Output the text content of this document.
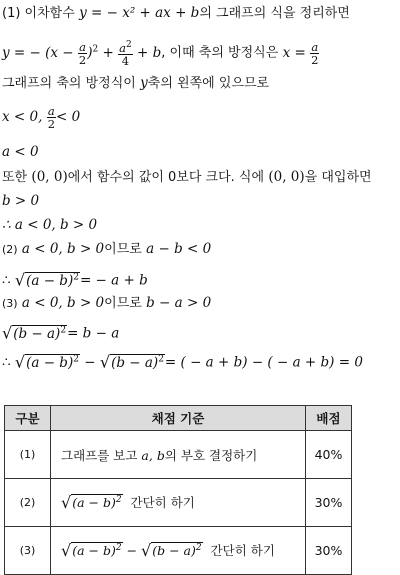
(1) 이차함수 y = − x² + ax + b의 그래프의 식을 정리하면
y = − $(x - \frac{a}{2} )^2 + \frac{a^2}{4} + b$, 이때 축의 방정식은 $x = \frac{a}{2}$
그래프의 축의 방정식이 y축의 왼쪽에 있으므로
x < 0, $\frac{a}{2} < 0$
a < 0
또한 (0, 0)에서 함수의 값이 0보다 크다. 식에 (0, 0)을 대입하면
b > 0
∴ a < 0, b > 0
(2) a < 0, b > 0이므로 a − b < 0
∴ $√(a - b)^2= - a + b$
(3) a < 0, b > 0이므로 b − a > 0
$√(b - a)^2= b - a$
∴ $√(a - b)^2 - √(b - a)^2=$ ( − a + b) − ( − a + b) = 0
구분	채점 기준	배점
(1)	그래프를 보고 a, b의 부호 결정하기	40%
(2)	$√(a - b)^2$ 간단히 하기	30%
(3)	$√(a - b)^2 - √(b - a)^2$ 간단히 하기	30%
